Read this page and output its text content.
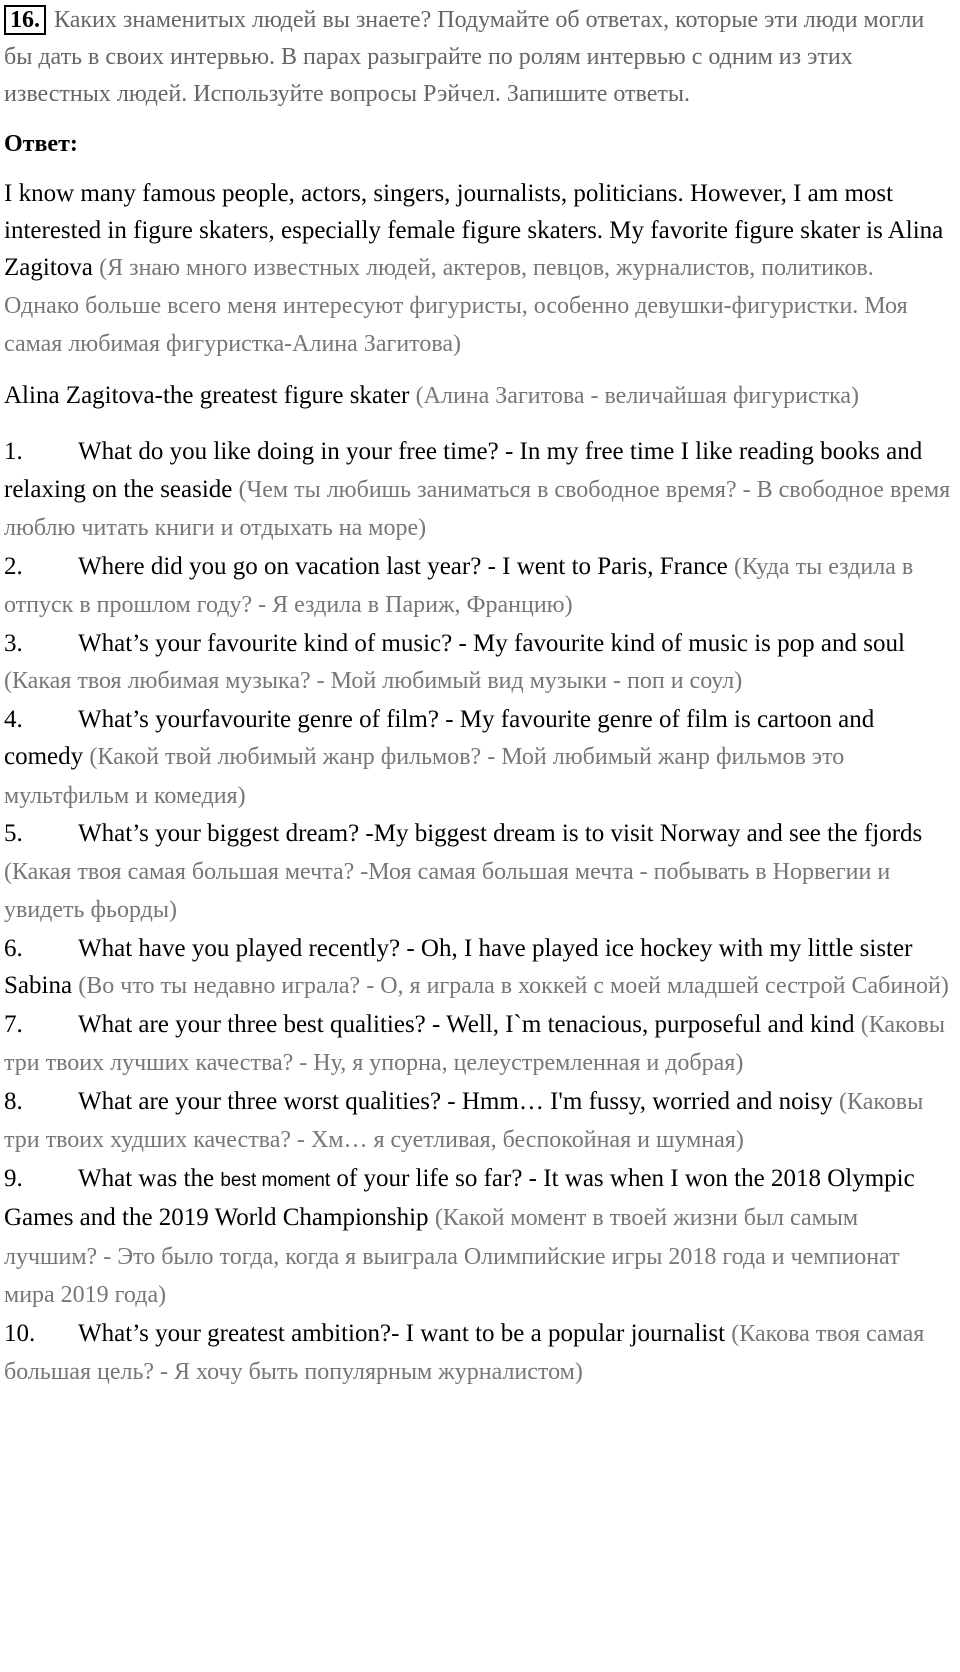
16. Каких знаменитых людей вы знаете? Подумайте об ответах, которые эти люди могли бы дать в своих интервью. В парах разыграйте по ролям интервью с одним из этих известных людей. Используйте вопросы Рэйчел. Запишите ответы.
Ответ:

I know many famous people, actors, singers, journalists, politicians. However, I am most interested in figure skaters, especially female figure skaters. My favorite figure skater is Alina Zagitova (Я знаю много известных людей, актеров, певцов, журналистов, политиков. Однако больше всего меня интересуют фигуристы, особенно девушки-фигуристки. Моя самая любимая фигуристка-Алина Загитова)

Alina Zagitova-the greatest figure skater (Алина Загитова - величайшая фигуристка)

1. What do you like doing in your free time? - In my free time I like reading books and relaxing on the seaside (Чем ты любишь заниматься в свободное время? - В свободное время люблю читать книги и отдыхать на море)
2. Where did you go on vacation last year? - I went to Paris, France (Куда ты ездила в отпуск в прошлом году? - Я ездила в Париж, Францию)
3. What’s your favourite kind of music? - My favourite kind of music is pop and soul (Какая твоя любимая музыка? - Мой любимый вид музыки - поп и соул)
4. What’s yourfavourite genre of film? - My favourite genre of film is cartoon and comedy (Какой твой любимый жанр фильмов? - Мой любимый жанр фильмов это мультфильм и комедия)
5. What’s your biggest dream? -My biggest dream is to visit Norway and see the fjords (Какая твоя самая большая мечта? -Моя самая большая мечта - побывать в Норвегии и увидеть фьорды)
6. What have you played recently? - Oh, I have played ice hockey with my little sister Sabina (Во что ты недавно играла? - О, я играла в хоккей с моей младшей сестрой Сабиной)
7. What are your three best qualities? - Well, I`m tenacious, purposeful and kind (Каковы три твоих лучших качества? - Ну, я упорна, целеустремленная и добрая)
8. What are your three worst qualities? - Hmm… I'm fussy, worried and noisy (Каковы три твоих худших качества? - Хм… я суетливая, беспокойная и шумная)
9. What was the best moment of your life so far? - It was when I won the 2018 Olympic Games and the 2019 World Championship (Какой момент в твоей жизни был самым лучшим? - Это было тогда, когда я выиграла Олимпийские игры 2018 года и чемпионат мира 2019 года)
10. What’s your greatest ambition?- I want to be a popular journalist (Какова твоя самая большая цель? - Я хочу быть популярным журналистом)
